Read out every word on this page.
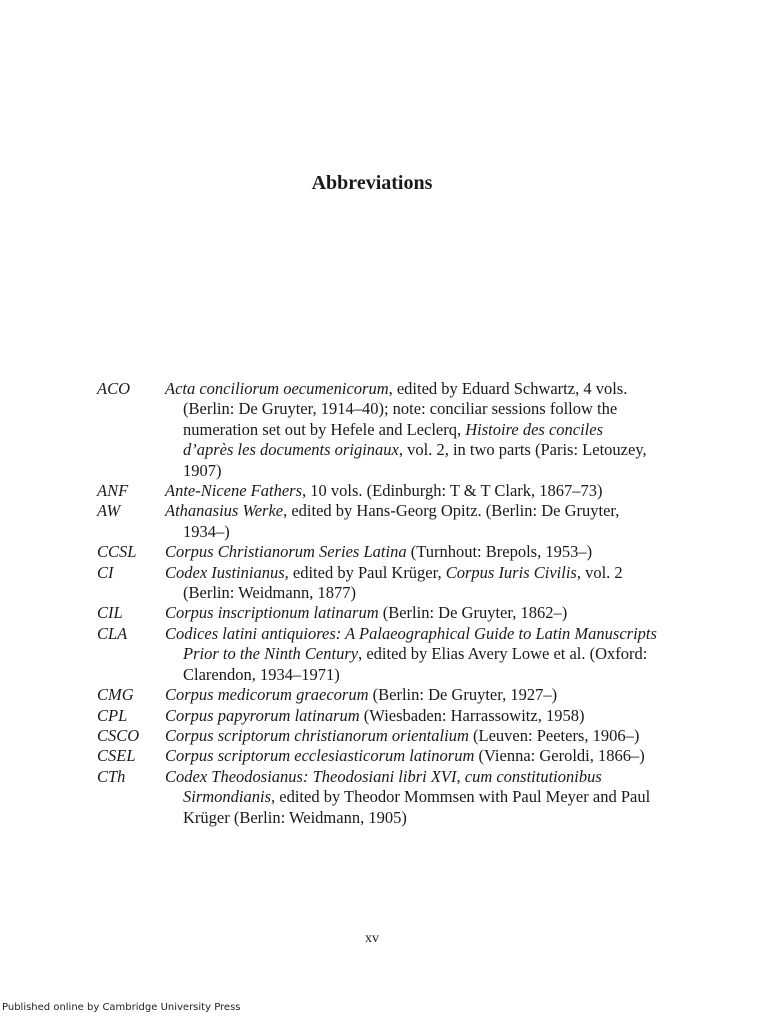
Abbreviations
ACO Acta conciliorum oecumenicorum, edited by Eduard Schwartz, 4 vols. (Berlin: De Gruyter, 1914–40); note: conciliar sessions follow the numeration set out by Hefele and Leclerq, Histoire des conciles d’après les documents originaux, vol. 2, in two parts (Paris: Letouzey, 1907)
ANF Ante-Nicene Fathers, 10 vols. (Edinburgh: T & T Clark, 1867–73)
AW	Athanasius Werke, edited by Hans-Georg Opitz. (Berlin: De Gruyter, 1934–)
CCSL Corpus Christianorum Series Latina (Turnhout: Brepols, 1953–)
CI	Codex Iustinianus, edited by Paul Krüger, Corpus Iuris Civilis, vol. 2 (Berlin: Weidmann, 1877)
CIL	Corpus inscriptionum latinarum (Berlin: De Gruyter, 1862–)
CLA Codices latini antiquiores: A Palaeographical Guide to Latin Manuscripts Prior to the Ninth Century, edited by Elias Avery Lowe et al. (Oxford: Clarendon, 1934–1971)
CMG Corpus medicorum graecorum (Berlin: De Gruyter, 1927–)
CPL Corpus papyrorum latinarum (Wiesbaden: Harrassowitz, 1958)
CSCO Corpus scriptorum christianorum orientalium (Leuven: Peeters, 1906–)
CSEL Corpus scriptorum ecclesiasticorum latinorum (Vienna: Geroldi, 1866–)
CTh Codex Theodosianus: Theodosiani libri XVI, cum constitutionibus Sirmondianis, edited by Theodor Mommsen with Paul Meyer and Paul Krüger (Berlin: Weidmann, 1905)
xv
Published online by Cambridge University Press
